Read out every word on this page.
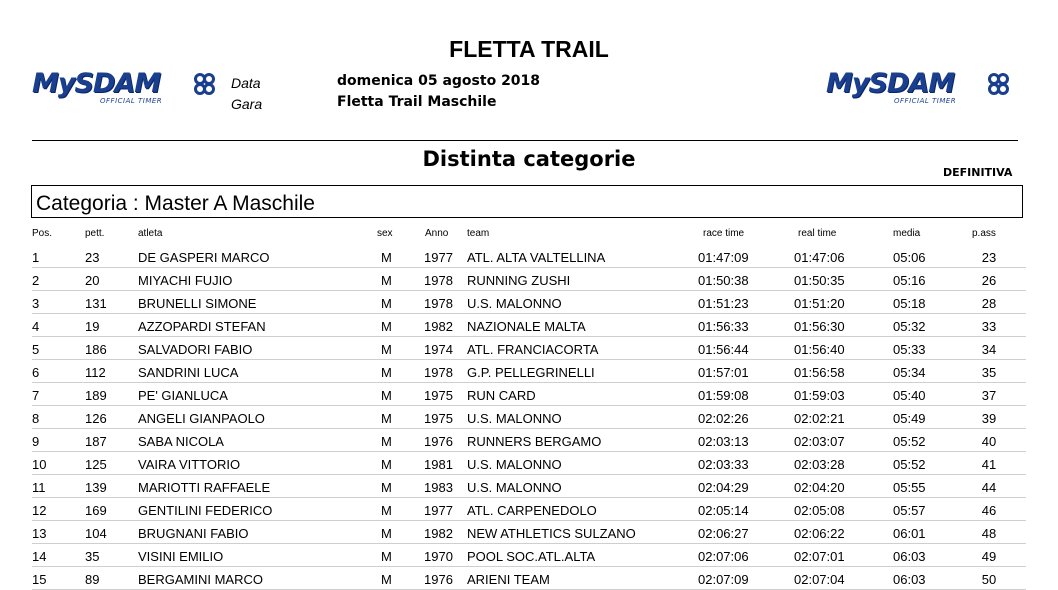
FLETTA TRAIL
MySDAM
OFFICIAL TIMER
MySDAM
OFFICIAL TIMER
Data
Gara
domenica 05 agosto 2018
Fletta Trail Maschile
Distinta categorie
DEFINITIVA
Categoria : Master A Maschile
Pos.	pett.	atleta	sex	Anno team	race time	real time	media	p.ass
1	23	DE GASPERI MARCO	M 1977 ATL. ALTA VALTELLINA	01:47:09	01:47:06	05:06	23
2	20	MIYACHI FUJIO	M 1978 RUNNING ZUSHI	01:50:38	01:50:35	05:16	26
3	131 BRUNELLI SIMONE	M 1978 U.S. MALONNO	01:51:23	01:51:20	05:18	28
4	19	AZZOPARDI STEFAN	M 1982 NAZIONALE MALTA	01:56:33	01:56:30	05:32	33
5	186 SALVADORI FABIO	M 1974 ATL. FRANCIACORTA	01:56:44	01:56:40	05:33	34
6	112 SANDRINI LUCA	M 1978 G.P. PELLEGRINELLI	01:57:01	01:56:58	05:34	35
7	189 PE' GIANLUCA	M 1975 RUN CARD	01:59:08	01:59:03	05:40	37
8	126 ANGELI GIANPAOLO	M 1975 U.S. MALONNO	02:02:26	02:02:21	05:49	39
9	187 SABA NICOLA	M 1976 RUNNERS BERGAMO	02:03:13	02:03:07	05:52	40
10	125 VAIRA VITTORIO	M 1981 U.S. MALONNO	02:03:33	02:03:28	05:52	41
11	139 MARIOTTI RAFFAELE	M 1983 U.S. MALONNO	02:04:29	02:04:20	05:55	44
12	169 GENTILINI FEDERICO	M 1977 ATL. CARPENEDOLO	02:05:14	02:05:08	05:57	46
13	104 BRUGNANI FABIO	M 1982 NEW ATHLETICS SULZANO	02:06:27	02:06:22	06:01	48
14	35	VISINI EMILIO	M 1970 POOL SOC.ATL.ALTA	02:07:06	02:07:01	06:03	49
15	89	BERGAMINI MARCO	M 1976 ARIENI TEAM	02:07:09	02:07:04	06:03	50
